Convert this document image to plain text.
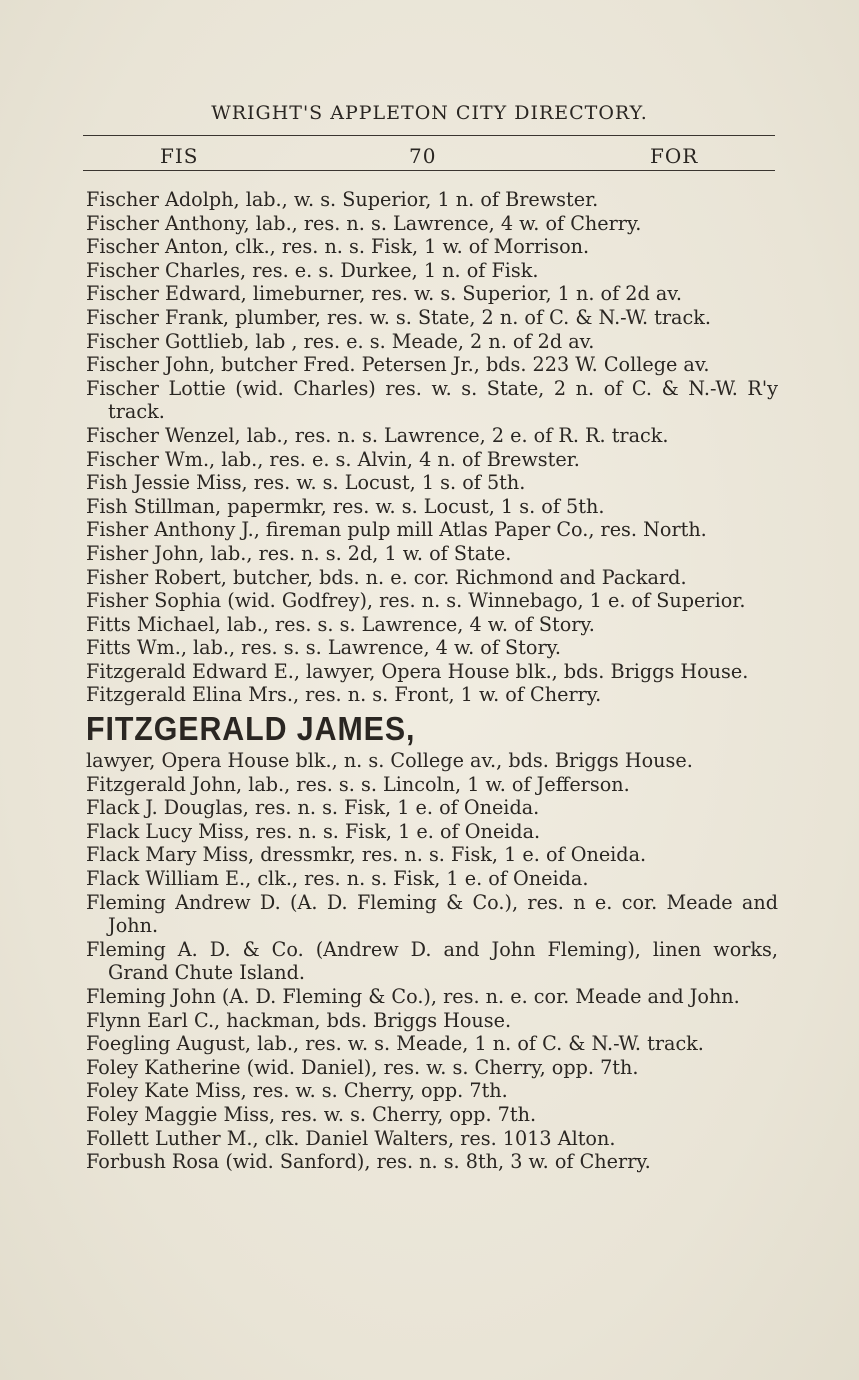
WRIGHT'S APPLETON CITY DIRECTORY.
FIS	70	FOR

Fischer Adolph, lab., w. s. Superior, 1 n. of Brewster.

Fischer Anthony, lab., res. n. s. Lawrence, 4 w. of Cherry.

Fischer Anton, clk., res. n. s. Fisk, 1 w. of Morrison.

Fischer Charles, res. e. s. Durkee, 1 n. of Fisk.

Fischer Edward, limeburner, res. w. s. Superior, 1 n. of 2d av.

Fischer Frank, plumber, res. w. s. State, 2 n. of C. & N.-W. track.

Fischer Gottlieb, lab , res. e. s. Meade, 2 n. of 2d av.

Fischer John, butcher Fred. Petersen Jr., bds. 223 W. College av.

Fischer Lottie (wid. Charles) res. w. s. State, 2 n. of C. & N.-W. R'y track.

Fischer Wenzel, lab., res. n. s. Lawrence, 2 e. of R. R. track.

Fischer Wm., lab., res. e. s. Alvin, 4 n. of Brewster.

Fish Jessie Miss, res. w. s. Locust, 1 s. of 5th.

Fish Stillman, papermkr, res. w. s. Locust, 1 s. of 5th.

Fisher Anthony J., fireman pulp mill Atlas Paper Co., res. North.

Fisher John, lab., res. n. s. 2d, 1 w. of State.

Fisher Robert, butcher, bds. n. e. cor. Richmond and Packard.

Fisher Sophia (wid. Godfrey), res. n. s. Winnebago, 1 e. of Superior.

Fitts Michael, lab., res. s. s. Lawrence, 4 w. of Story.

Fitts Wm., lab., res. s. s. Lawrence, 4 w. of Story.

Fitzgerald Edward E., lawyer, Opera House blk., bds. Briggs House.

Fitzgerald Elina Mrs., res. n. s. Front, 1 w. of Cherry.

FITZGERALD JAMES,

lawyer, Opera House blk., n. s. College av., bds. Briggs House.

Fitzgerald John, lab., res. s. s. Lincoln, 1 w. of Jefferson.

Flack J. Douglas, res. n. s. Fisk, 1 e. of Oneida.

Flack Lucy Miss, res. n. s. Fisk, 1 e. of Oneida.

Flack Mary Miss, dressmkr, res. n. s. Fisk, 1 e. of Oneida.

Flack William E., clk., res. n. s. Fisk, 1 e. of Oneida.

Fleming Andrew D. (A. D. Fleming & Co.), res. n e. cor. Meade and John.

Fleming A. D. & Co. (Andrew D. and John Fleming), linen works, Grand Chute Island.

Fleming John (A. D. Fleming & Co.), res. n. e. cor. Meade and John.

Flynn Earl C., hackman, bds. Briggs House.

Foegling August, lab., res. w. s. Meade, 1 n. of C. & N.-W. track.

Foley Katherine (wid. Daniel), res. w. s. Cherry, opp. 7th.

Foley Kate Miss, res. w. s. Cherry, opp. 7th.

Foley Maggie Miss, res. w. s. Cherry, opp. 7th.

Follett Luther M., clk. Daniel Walters, res. 1013 Alton.

Forbush Rosa (wid. Sanford), res. n. s. 8th, 3 w. of Cherry.
